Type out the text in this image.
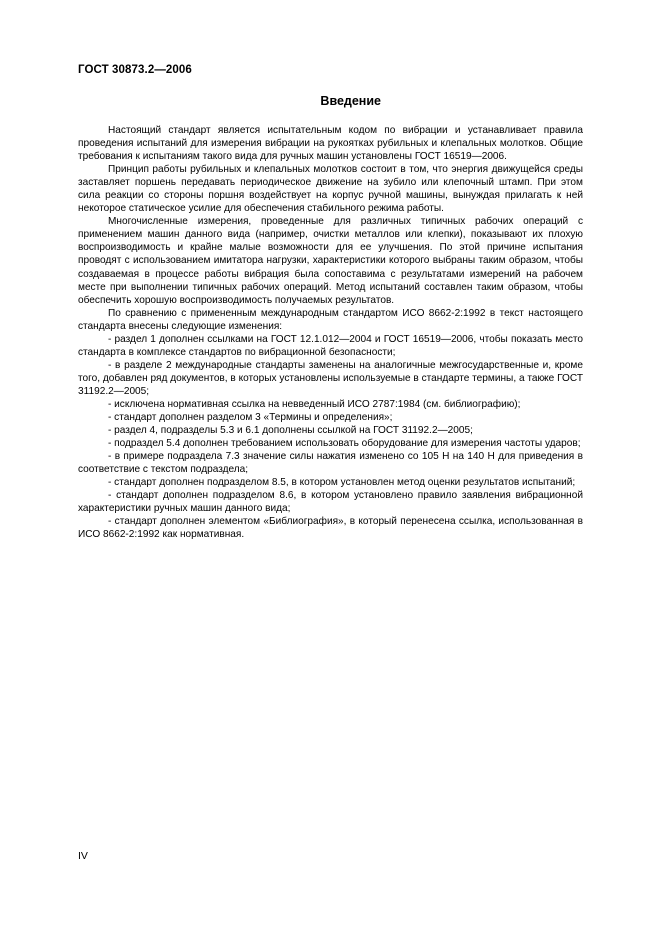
ГОСТ 30873.2—2006
Введение

Настоящий стандарт является испытательным кодом по вибрации и устанавливает правила проведения испытаний для измерения вибрации на рукоятках рубильных и клепальных молотков. Общие требования к испытаниям такого вида для ручных машин установлены ГОСТ 16519—2006.

Принцип работы рубильных и клепальных молотков состоит в том, что энергия движущейся среды заставляет поршень передавать периодическое движение на зубило или клепочный штамп. При этом сила реакции со стороны поршня воздействует на корпус ручной машины, вынуждая прилагать к ней некоторое статическое усилие для обеспечения стабильного режима работы.

Многочисленные измерения, проведенные для различных типичных рабочих операций с применением машин данного вида (например, очистки металлов или клепки), показывают их плохую воспроизводимость и крайне малые возможности для ее улучшения. По этой причине испытания проводят с использованием имитатора нагрузки, характеристики которого выбраны таким образом, чтобы создаваемая в процессе работы вибрация была сопоставима с результатами измерений на рабочем месте при выполнении типичных рабочих операций. Метод испытаний составлен таким образом, чтобы обеспечить хорошую воспроизводимость получаемых результатов.

По сравнению с примененным международным стандартом ИСО 8662-2:1992 в текст настоящего стандарта внесены следующие изменения:

- раздел 1 дополнен ссылками на ГОСТ 12.1.012—2004 и ГОСТ 16519—2006, чтобы показать место стандарта в комплексе стандартов по вибрационной безопасности;

- в разделе 2 международные стандарты заменены на аналогичные межгосударственные и, кроме того, добавлен ряд документов, в которых установлены используемые в стандарте термины, а также ГОСТ 31192.2—2005;

- исключена нормативная ссылка на невведенный ИСО 2787:1984 (см. библиографию);

- стандарт дополнен разделом 3 «Термины и определения»;

- раздел 4, подразделы 5.3 и 6.1 дополнены ссылкой на ГОСТ 31192.2—2005;

- подраздел 5.4 дополнен требованием использовать оборудование для измерения частоты ударов;

- в примере подраздела 7.3 значение силы нажатия изменено со 105 Н на 140 Н для приведения в соответствие с текстом подраздела;

- стандарт дополнен подразделом 8.5, в котором установлен метод оценки результатов испытаний;

- стандарт дополнен подразделом 8.6, в котором установлено правило заявления вибрационной характеристики ручных машин данного вида;

- стандарт дополнен элементом «Библиография», в который перенесена ссылка, использованная в ИСО 8662-2:1992 как нормативная.

IV
